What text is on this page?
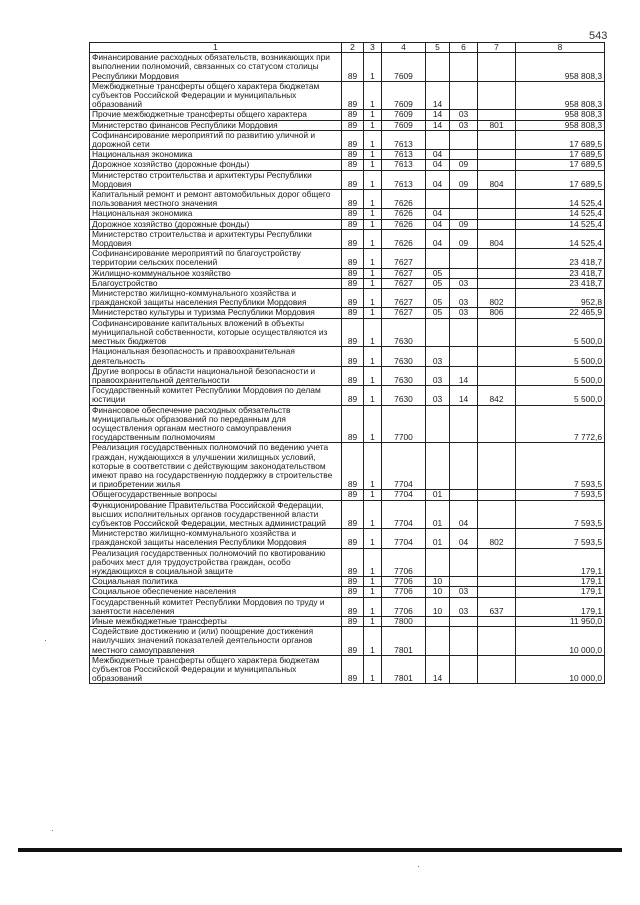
543
1	2	3	4	5	6	7	8
Финансирование расходных обязательств, возникающих при выполнении полномочий, связанных со статусом столицы Республики Мордовия	89	1	7609				958 808,3
Межбюджетные трансферты общего характера бюджетам субъектов Российской Федерации и муниципальных образований	89	1	7609	14			958 808,3
Прочие межбюджетные трансферты общего характера	89	1	7609	14	03		958 808,3
Министерство финансов Республики Мордовия	89	1	7609	14	03	801	958 808,3
Софинансирование мероприятий по развитию уличной и дорожной сети	89	1	7613				17 689,5
Национальная экономика	89	1	7613	04			17 689,5
Дорожное хозяйство (дорожные фонды)	89	1	7613	04	09		17 689,5
Министерство строительства и архитектуры Республики Мордовия	89	1	7613	04	09	804	17 689,5
Капитальный ремонт и ремонт автомобильных дорог общего пользования местного значения	89	1	7626				14 525,4
Национальная экономика	89	1	7626	04			14 525,4
Дорожное хозяйство (дорожные фонды)	89	1	7626	04	09		14 525,4
Министерство строительства и архитектуры Республики Мордовия	89	1	7626	04	09	804	14 525,4
Софинансирование мероприятий по благоустройству территории сельских поселений	89	1	7627				23 418,7
Жилищно-коммунальное хозяйство	89	1	7627	05			23 418,7
Благоустройство	89	1	7627	05	03		23 418,7
Министерство жилищно-коммунального хозяйства и гражданской защиты населения Республики Мордовия	89	1	7627	05	03	802	952,8
Министерство культуры и туризма Республики Мордовия	89	1	7627	05	03	806	22 465,9
Софинансирование капитальных вложений в объекты муниципальной собственности, которые осуществляются из местных бюджетов	89	1	7630				5 500,0
Национальная безопасность и правоохранительная деятельность	89	1	7630	03			5 500,0
Другие вопросы в области национальной безопасности и правоохранительной деятельности	89	1	7630	03	14		5 500,0
Государственный комитет Республики Мордовия по делам юстиции	89	1	7630	03	14	842	5 500,0
Финансовое обеспечение расходных обязательств муниципальных образований по переданным для осуществления органам местного самоуправления государственным полномочиям	89	1	7700				7 772,6
Реализация государственных полномочий по ведению учета граждан, нуждающихся в улучшении жилищных условий, которые в соответствии с действующим законодательством имеют право на государственную поддержку в строительстве и приобретении жилья	89	1	7704				7 593,5
Общегосударственные вопросы	89	1	7704	01			7 593,5
Функционирование Правительства Российской Федерации, высших исполнительных органов государственной власти субъектов Российской Федерации, местных администраций	89	1	7704	01	04		7 593,5
Министерство жилищно-коммунального хозяйства и гражданской защиты населения Республики Мордовия	89	1	7704	01	04	802	7 593,5
Реализация государственных полномочий по квотированию рабочих мест для трудоустройства граждан, особо нуждающихся в социальной защите	89	1	7706				179,1
Социальная политика	89	1	7706	10			179,1
Социальное обеспечение населения	89	1	7706	10	03		179,1
Государственный комитет Республики Мордовия по труду и занятости населения	89	1	7706	10	03	637	179,1
Иные межбюджетные трансферты	89	1	7800				11 950,0
Содействие достижению и (или) поощрение достижения наилучших значений показателей деятельности органов местного самоуправления	89	1	7801				10 000,0
Межбюджетные трансферты общего характера бюджетам субъектов Российской Федерации и муниципальных образований	89	1	7801	14			10 000,0
